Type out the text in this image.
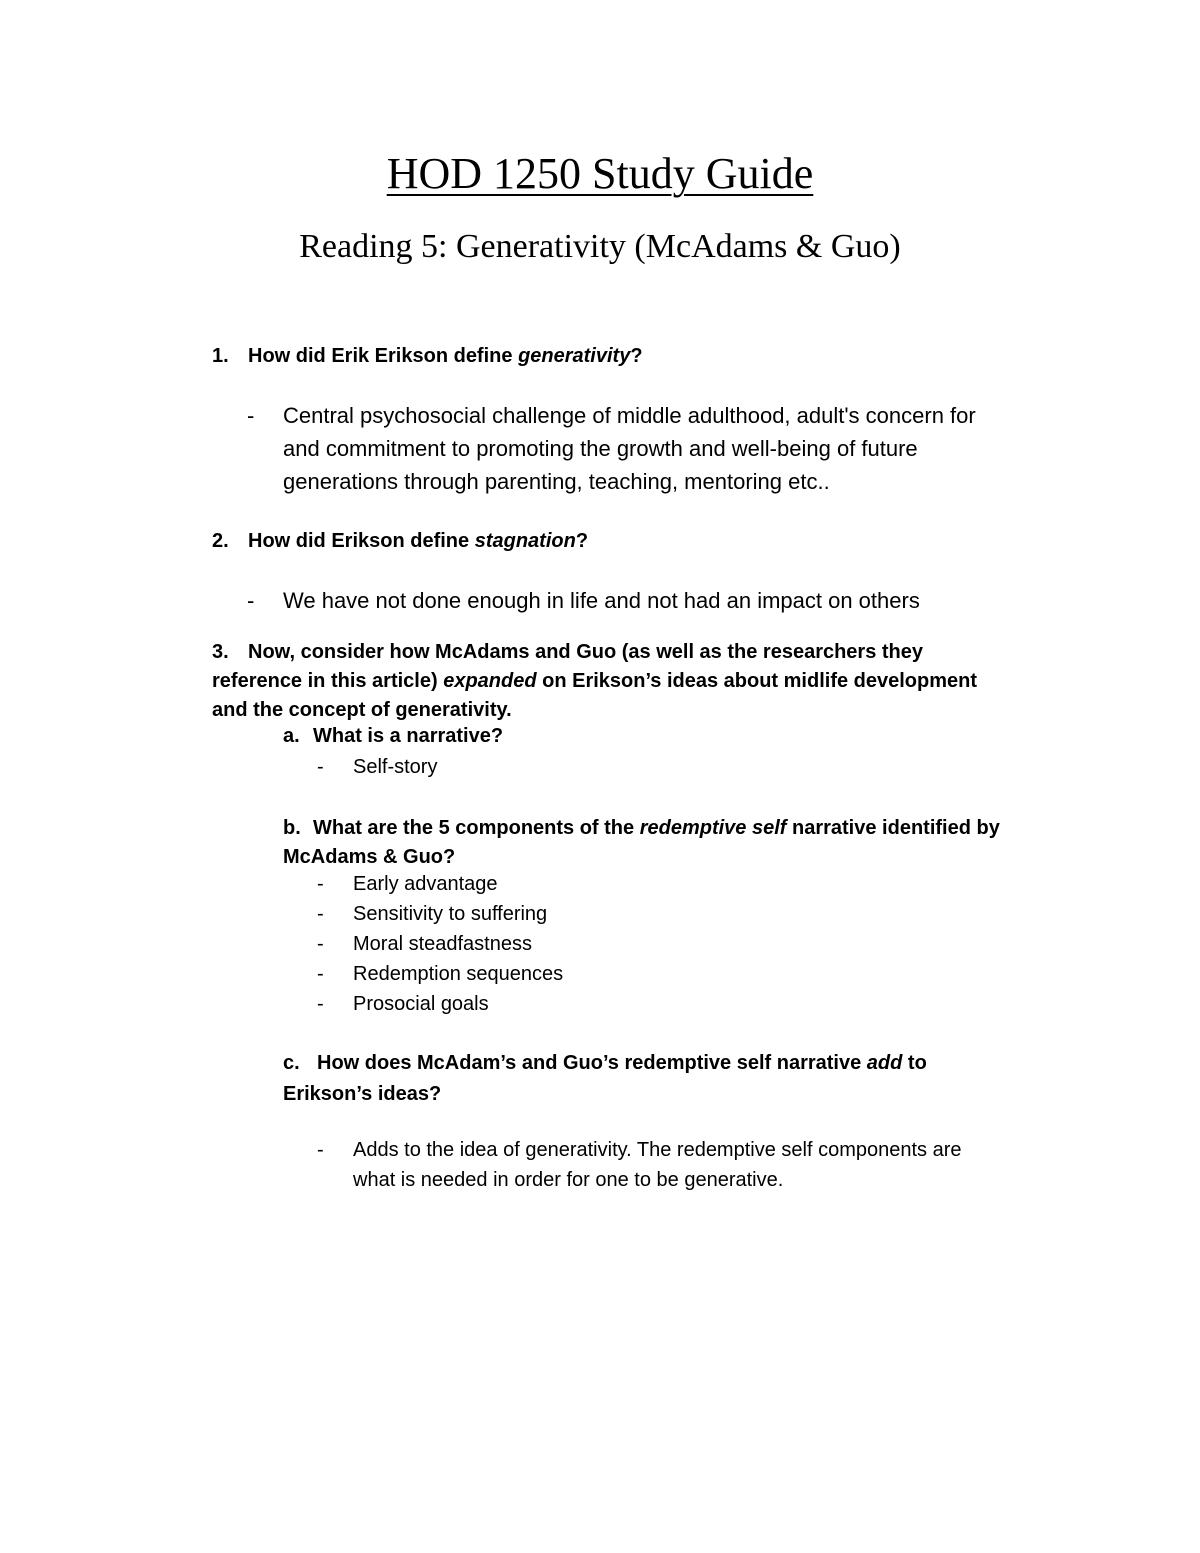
HOD 1250 Study Guide
Reading 5: Generativity (McAdams & Guo)
1. How did Erik Erikson define generativity?
- Central psychosocial challenge of middle adulthood, adult's concern for
and commitment to promoting the growth and well-being of future
generations through parenting, teaching, mentoring etc..
2. How did Erikson define stagnation?
- We have not done enough in life and not had an impact on others
3. Now, consider how McAdams and Guo (as well as the researchers they
reference in this article) expanded on Erikson’s ideas about midlife development
and the concept of generativity.
a. What is a narrative?
- Self-story
b. What are the 5 components of the redemptive self narrative identified by
McAdams & Guo?
- Early advantage
- Sensitivity to suffering
- Moral steadfastness
- Redemption sequences
- Prosocial goals
c. How does McAdam’s and Guo’s redemptive self narrative add to
Erikson’s ideas?
- Adds to the idea of generativity. The redemptive self components are
what is needed in order for one to be generative.
